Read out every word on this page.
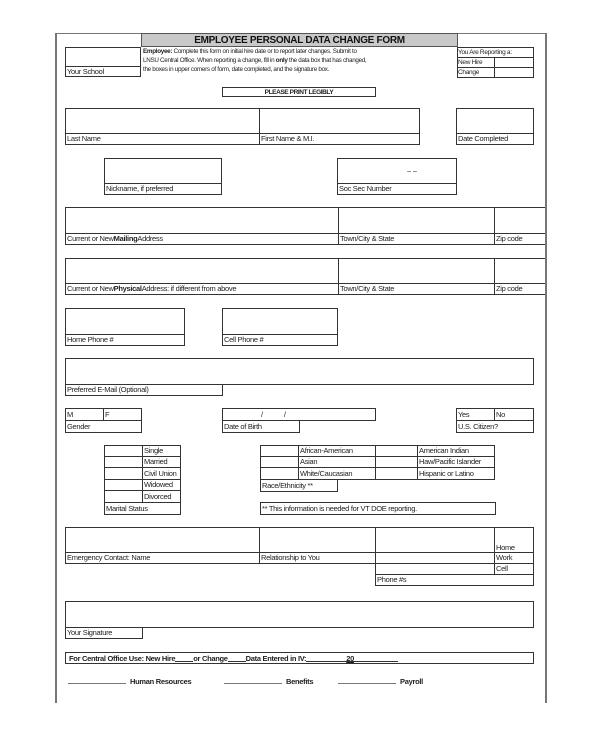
EMPLOYEE PERSONAL DATA CHANGE FORM
Your School
Employee: Complete this form on initial hire date or to report later changes. Submit to
LNSU Central Office. When reporting a change, fill in only the data box that has changed,
the boxes in upper corners of form, date completed, and the signature box.
You Are Reporting a:
New Hire
Change
PLEASE PRINT LEGIBLY
Last Name	First Name & M.I.	Date Completed
Nickname, if preferred
– –
Soc Sec Number
Current or New Mailing Address	Town/City & State	Zip code
Current or New Physical Address: if different from above	Town/City & State	Zip code
Home Phone #	Cell Phone #
Preferred E-Mail (Optional)
M	F
Gender
/          /
Date of Birth
Yes	No
U.S. Citizen?
Single
Married
Civil Union
Widowed
Divorced
Marital Status
African-American	American Indian
Asian	Haw/Pacific Islander
White/Caucasian	Hispanic or Latino
Race/Ethnicity **
** This information is needed for VT DOE reporting.
Emergency Contact: Name	Relationship to You
Phone #s
Home
Work
Cell
Your Signature
For Central Office Use: New Hire or Change Data Entered in IV:	20
Human Resources	Benefits	Payroll
